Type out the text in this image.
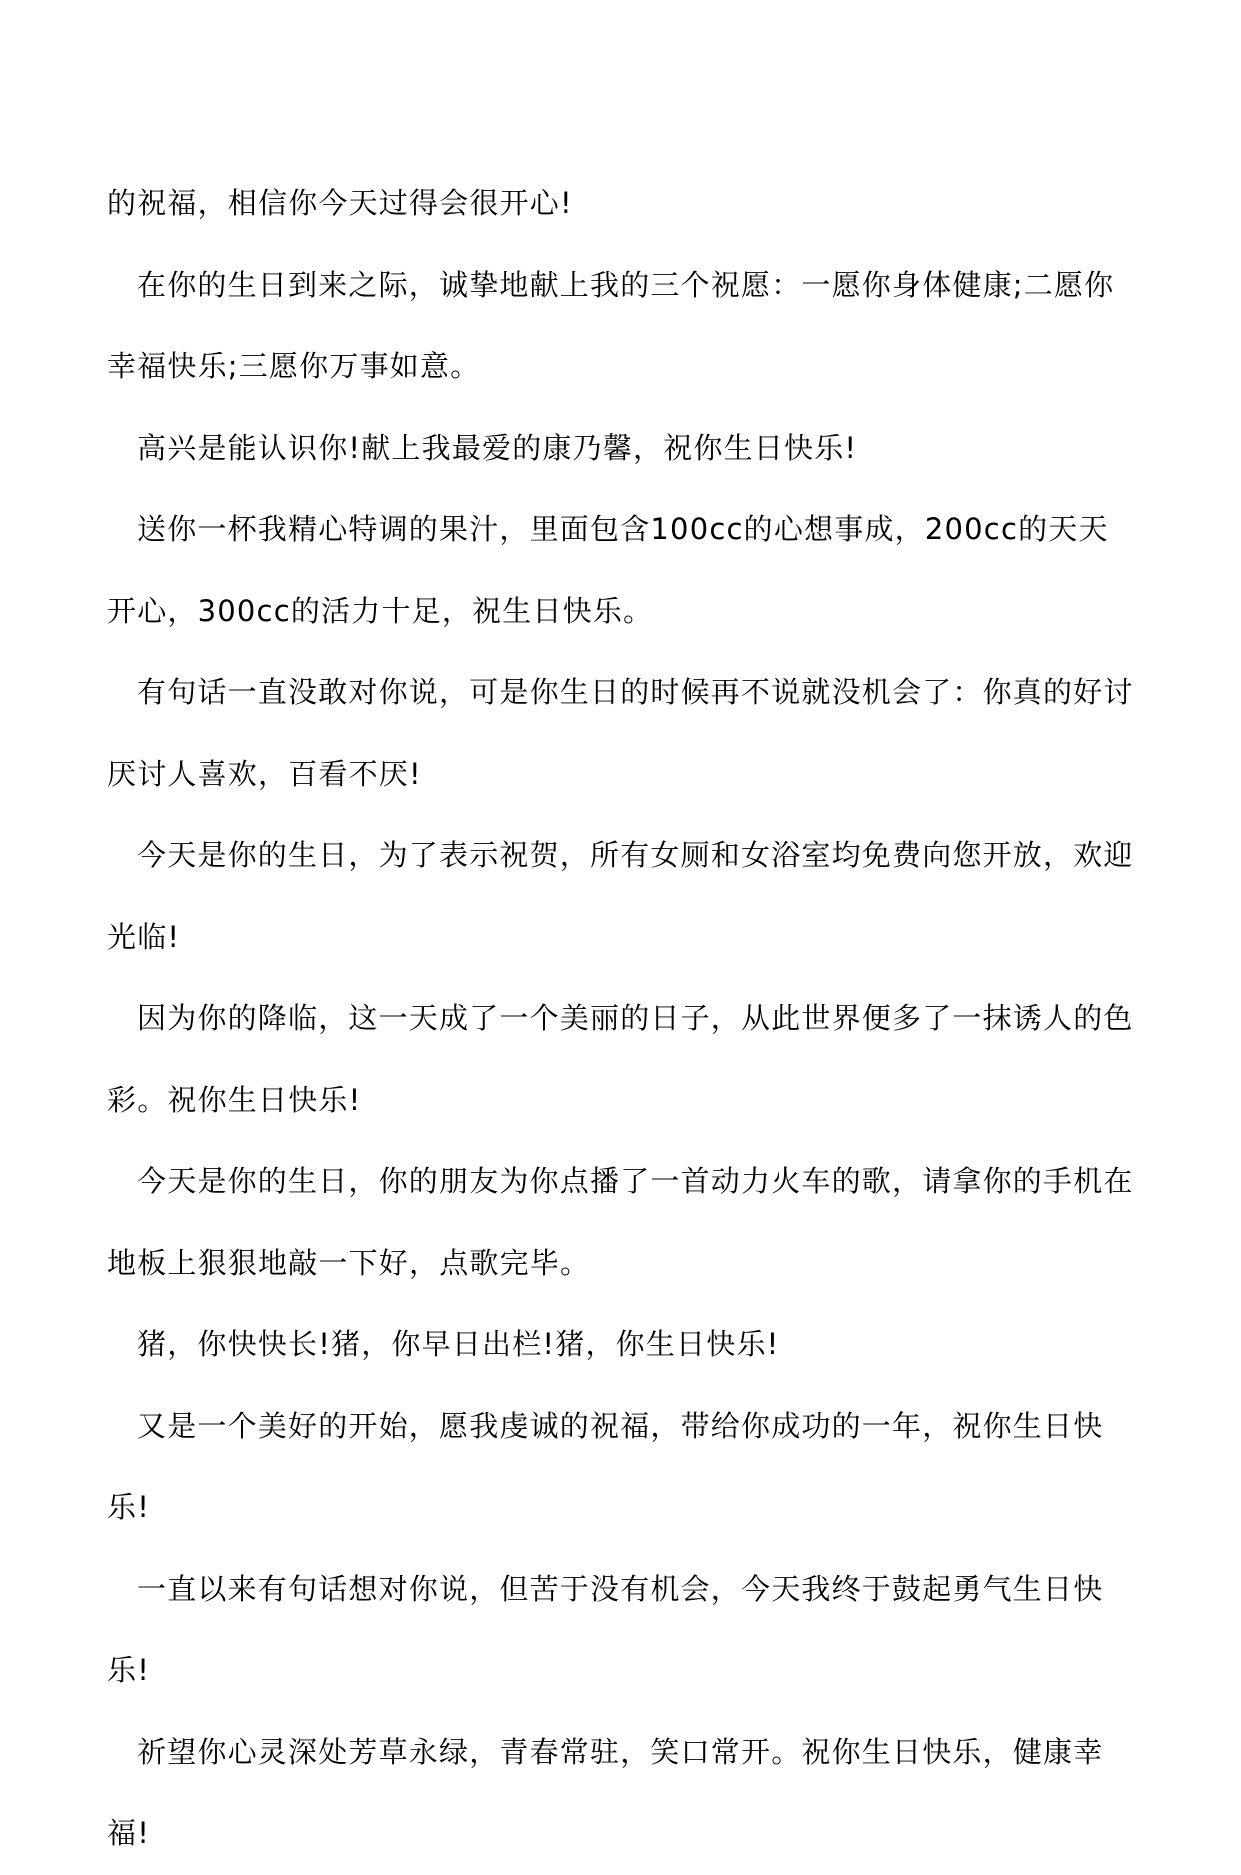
的祝福，相信你今天过得会很开心!

在你的生日到来之际，诚挚地献上我的三个祝愿：一愿你身体健康;二愿你幸福快乐;三愿你万事如意。

高兴是能认识你!献上我最爱的康乃馨，祝你生日快乐!

送你一杯我精心特调的果汁，里面包含100cc的心想事成，200cc的天天开心，300cc的活力十足，祝生日快乐。

有句话一直没敢对你说，可是你生日的时候再不说就没机会了：你真的好讨厌讨人喜欢，百看不厌!

今天是你的生日，为了表示祝贺，所有女厕和女浴室均免费向您开放，欢迎光临!

因为你的降临，这一天成了一个美丽的日子，从此世界便多了一抹诱人的色彩。祝你生日快乐!

今天是你的生日，你的朋友为你点播了一首动力火车的歌，请拿你的手机在地板上狠狠地敲一下好，点歌完毕。

猪，你快快长!猪，你早日出栏!猪，你生日快乐!

又是一个美好的开始，愿我虔诚的祝福，带给你成功的一年，祝你生日快乐!

一直以来有句话想对你说，但苦于没有机会，今天我终于鼓起勇气生日快乐!

祈望你心灵深处芳草永绿，青春常驻，笑口常开。祝你生日快乐，健康幸福!
